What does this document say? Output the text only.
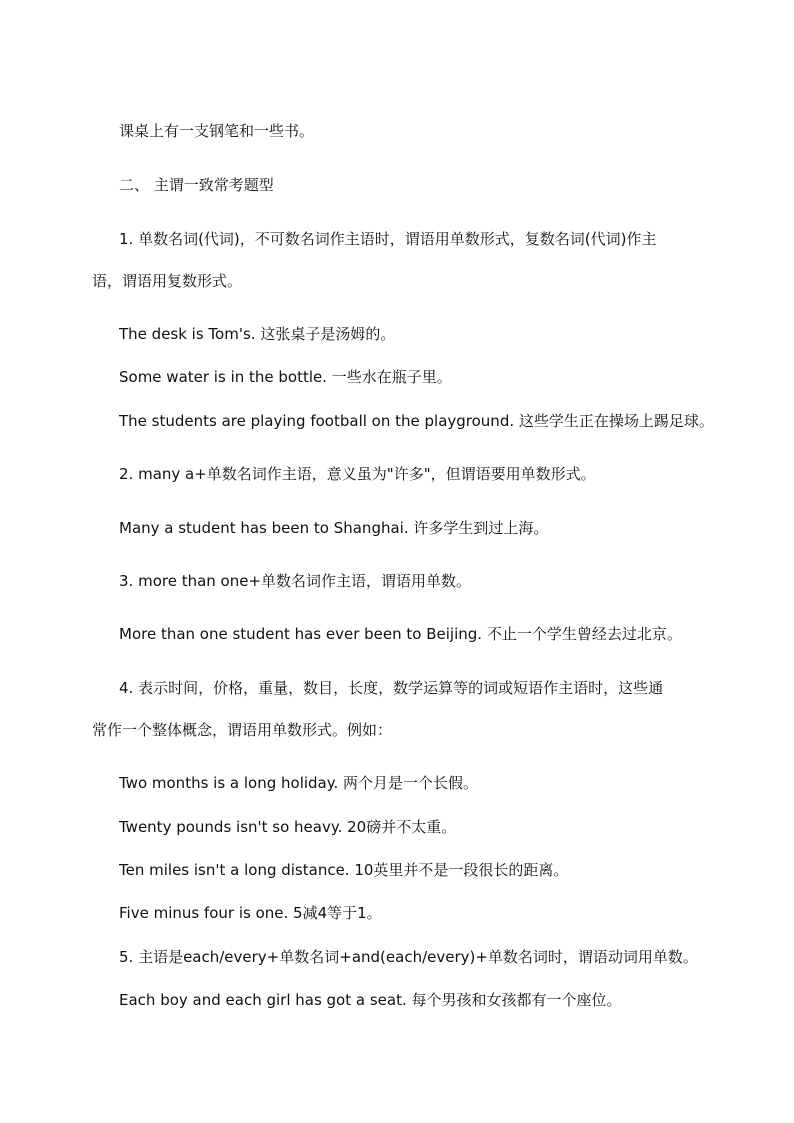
课桌上有一支钢笔和一些书。

二、 主谓一致常考题型

1. 单数名词(代词)，不可数名词作主语时，谓语用单数形式，复数名词(代词)作主

语，谓语用复数形式。

The desk is Tom's. 这张桌子是汤姆的。

Some water is in the bottle. 一些水在瓶子里。

The students are playing football on the playground. 这些学生正在操场上踢足球。

2. many a+单数名词作主语，意义虽为"许多"，但谓语要用单数形式。

Many a student has been to Shanghai. 许多学生到过上海。

3. more than one+单数名词作主语，谓语用单数。

More than one student has ever been to Beijing. 不止一个学生曾经去过北京。

4. 表示时间，价格，重量，数目，长度，数学运算等的词或短语作主语时，这些通

常作一个整体概念，谓语用单数形式。例如：

Two months is a long holiday. 两个月是一个长假。

Twenty pounds isn't so heavy. 20磅并不太重。

Ten miles isn't a long distance. 10英里并不是一段很长的距离。

Five minus four is one. 5减4等于1。

5. 主语是each/every+单数名词+and(each/every)+单数名词时，谓语动词用单数。

Each boy and each girl has got a seat. 每个男孩和女孩都有一个座位。
